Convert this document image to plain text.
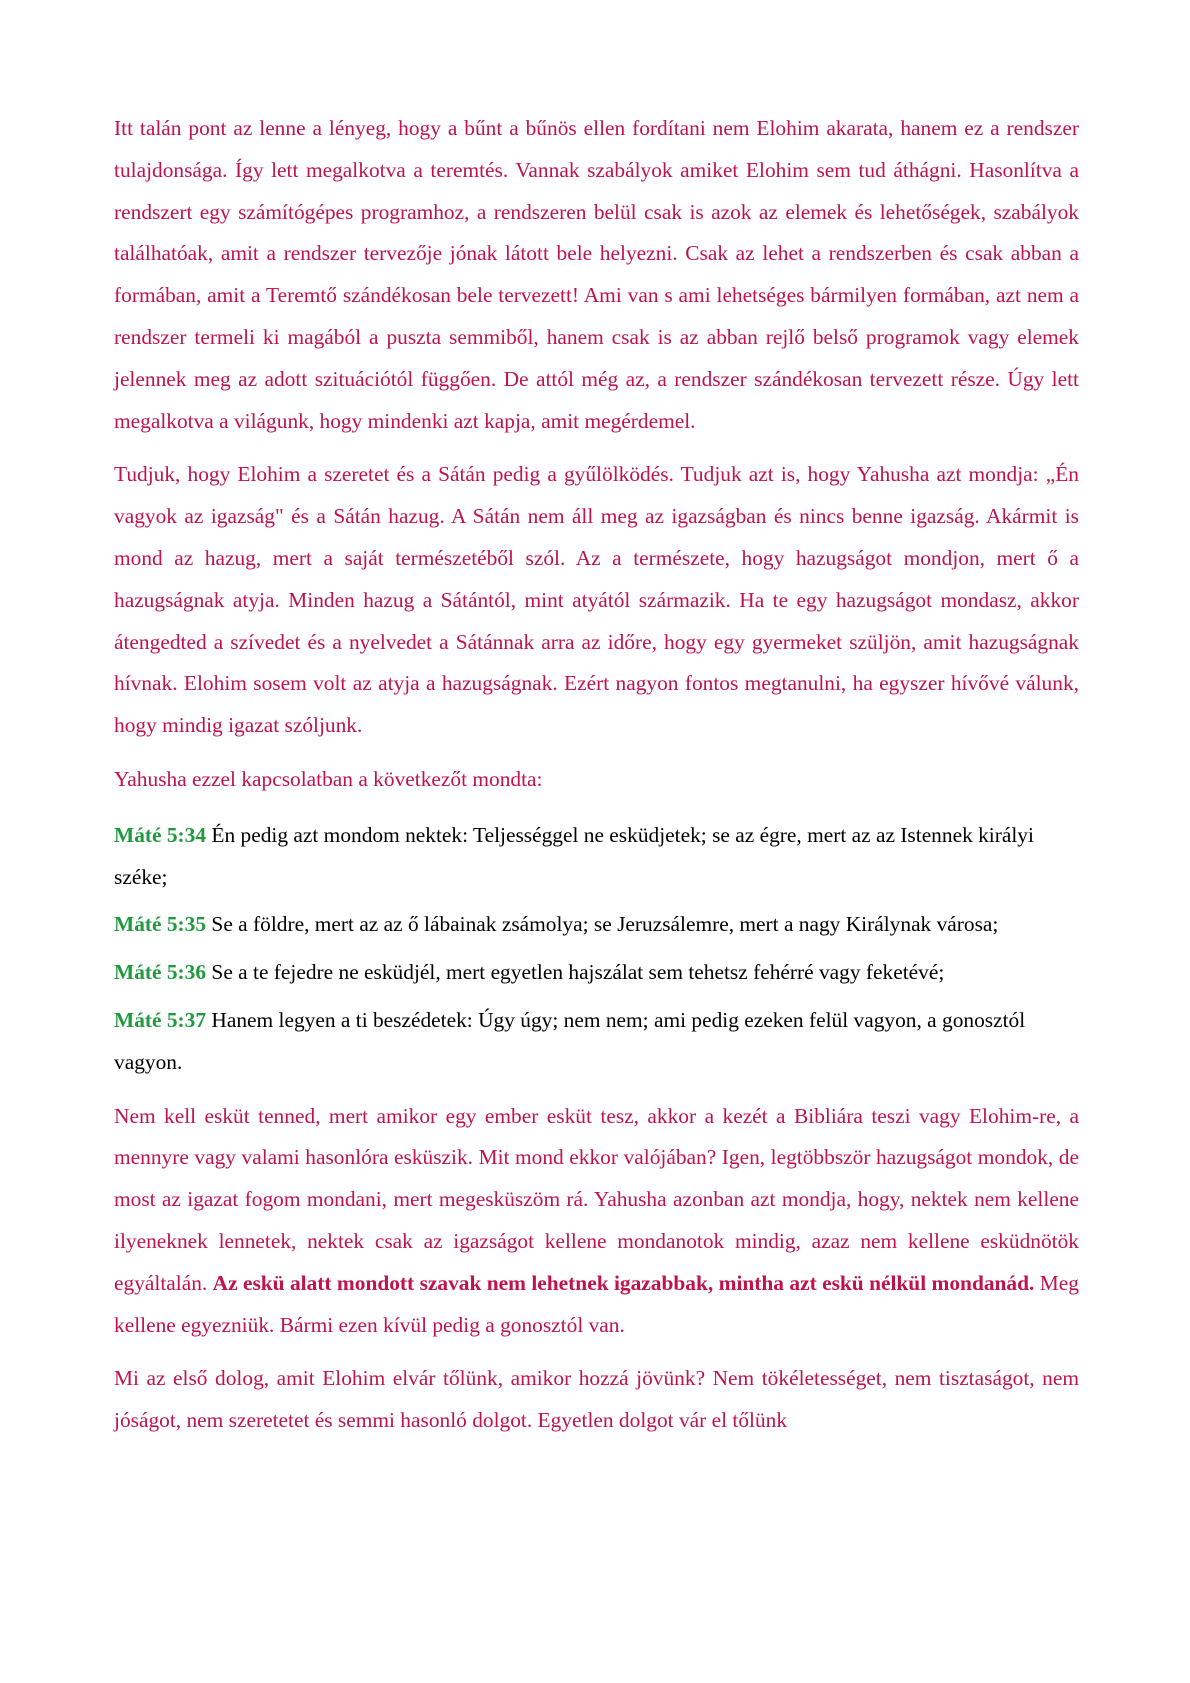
Itt talán pont az lenne a lényeg, hogy a bűnt a bűnös ellen fordítani nem Elohim akarata, hanem ez a rendszer tulajdonsága. Így lett megalkotva a teremtés. Vannak szabályok amiket Elohim sem tud áthágni. Hasonlítva a rendszert egy számítógépes programhoz, a rendszeren belül csak is azok az elemek és lehetőségek, szabályok találhatóak, amit a rendszer tervezője jónak látott bele helyezni. Csak az lehet a rendszerben és csak abban a formában, amit a Teremtő szándékosan bele tervezett! Ami van s ami lehetséges bármilyen formában, azt nem a rendszer termeli ki magából a puszta semmiből, hanem csak is az abban rejlő belső programok vagy elemek jelennek meg az adott szituációtól függően. De attól még az, a rendszer szándékosan tervezett része. Úgy lett megalkotva a világunk, hogy mindenki azt kapja, amit megérdemel.

Tudjuk, hogy Elohim a szeretet és a Sátán pedig a gyűlölködés. Tudjuk azt is, hogy Yahusha azt mondja: „Én vagyok az igazság" és a Sátán hazug. A Sátán nem áll meg az igazságban és nincs benne igazság. Akármit is mond az hazug, mert a saját természetéből szól. Az a természete, hogy hazugságot mondjon, mert ő a hazugságnak atyja. Minden hazug a Sátántól, mint atyától származik. Ha te egy hazugságot mondasz, akkor átengedted a szívedet és a nyelvedet a Sátánnak arra az időre, hogy egy gyermeket szüljön, amit hazugságnak hívnak. Elohim sosem volt az atyja a hazugságnak. Ezért nagyon fontos megtanulni, ha egyszer hívővé válunk, hogy mindig igazat szóljunk.

Yahusha ezzel kapcsolatban a következőt mondta:

Máté 5:34 Én pedig azt mondom nektek: Teljességgel ne esküdjetek; se az égre, mert az az Istennek királyi széke;

Máté 5:35 Se a földre, mert az az ő lábainak zsámolya; se Jeruzsálemre, mert a nagy Királynak városa;

Máté 5:36 Se a te fejedre ne esküdjél, mert egyetlen hajszálat sem tehetsz fehérré vagy feketévé;

Máté 5:37 Hanem legyen a ti beszédetek: Úgy úgy; nem nem; ami pedig ezeken felül vagyon, a gonosztól vagyon.

Nem kell esküt tenned, mert amikor egy ember esküt tesz, akkor a kezét a Bibliára teszi vagy Elohim-re, a mennyre vagy valami hasonlóra esküszik. Mit mond ekkor valójában? Igen, legtöbbször hazugságot mondok, de most az igazat fogom mondani, mert megesküszöm rá. Yahusha azonban azt mondja, hogy, nektek nem kellene ilyeneknek lennetek, nektek csak az igazságot kellene mondanotok mindig, azaz nem kellene esküdnötök egyáltalán. Az eskü alatt mondott szavak nem lehetnek igazabbak, mintha azt eskü nélkül mondanád. Meg kellene egyezniük. Bármi ezen kívül pedig a gonosztól van.

Mi az első dolog, amit Elohim elvár tőlünk, amikor hozzá jövünk? Nem tökéletességet, nem tisztaságot, nem jóságot, nem szeretetet és semmi hasonló dolgot. Egyetlen dolgot vár el tőlünk
